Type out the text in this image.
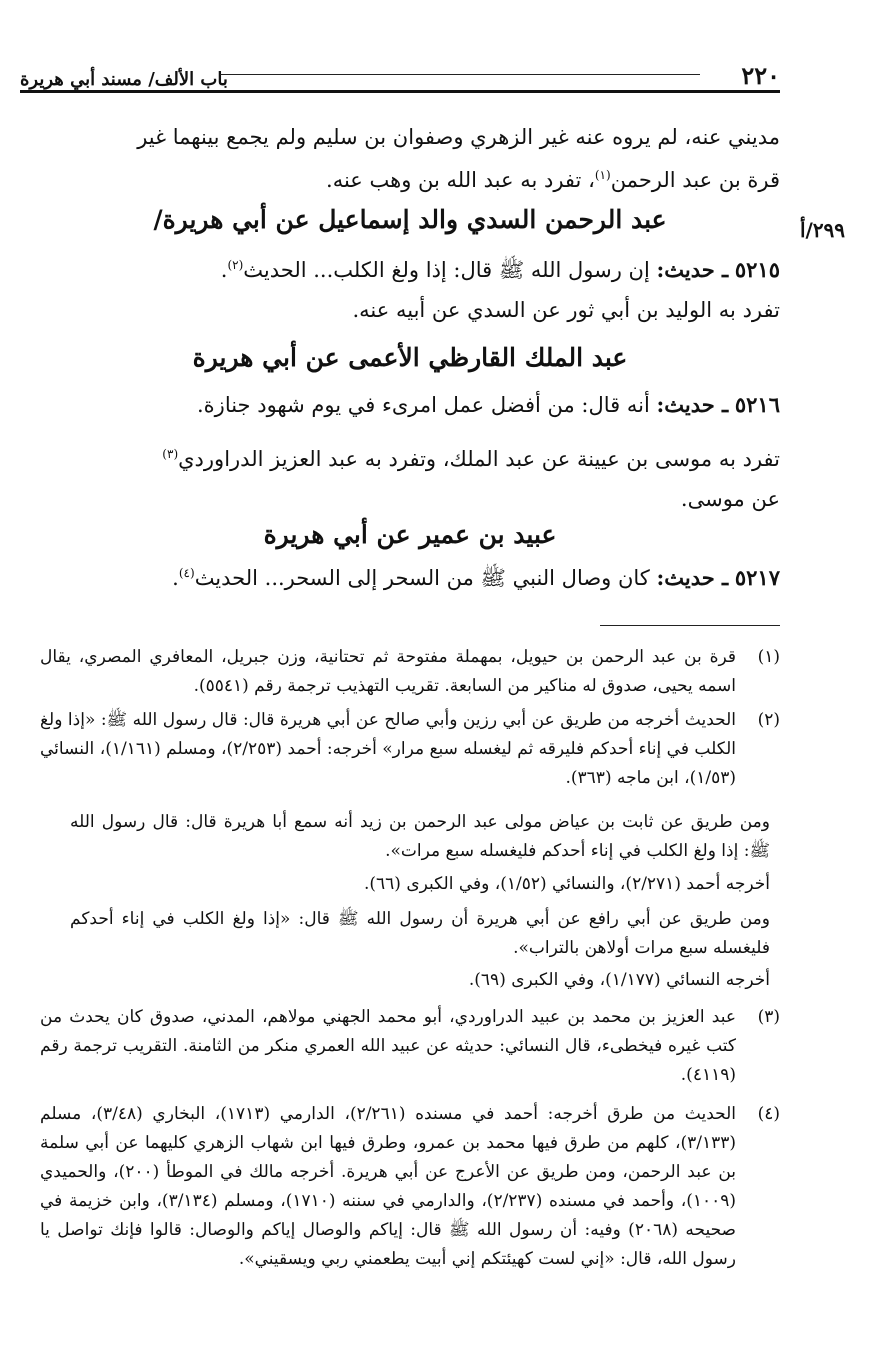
٢٢٠
باب الألف/ مسند أبي هريرة
مديني عنه، لم يروه عنه غير الزهري وصفوان بن سليم ولم يجمع بينهما غير
قرة بن عبد الرحمن$^{(١)}$، تفرد به عبد الله بن وهب عنه.
٢٩٩/أ
عبد الرحمن السدي والد إسماعيل عن أبي هريرة/
٥٢١٥ ـ حديث: إن رسول الله ﷺ قال: إذا ولغ الكلب... الحديث$^{(٢)}$.
تفرد به الوليد بن أبي ثور عن السدي عن أبيه عنه.
عبد الملك القارظي الأعمى عن أبي هريرة
٥٢١٦ ـ حديث: أنه قال: من أفضل عمل امرىء في يوم شهود جنازة.
تفرد به موسى بن عيينة عن عبد الملك، وتفرد به عبد العزيز الدراوردي$^{(٣)}$
عن موسى.
عبيد بن عمير عن أبي هريرة
٥٢١٧ ـ حديث: كان وصال النبي ﷺ من السحر إلى السحر... الحديث$^{(٤)}$.
(١)
قرة بن عبد الرحمن بن حيويل، بمهملة مفتوحة ثم تحتانية، وزن جبريل، المعافري المصري، يقال اسمه يحيى، صدوق له مناكير من السابعة. تقريب التهذيب ترجمة رقم (٥٥٤١).
(٢)
الحديث أخرجه من طريق عن أبي رزين وأبي صالح عن أبي هريرة قال: قال رسول الله ﷺ: «إذا ولغ الكلب في إناء أحدكم فليرقه ثم ليغسله سبع مرار» أخرجه: أحمد (٢/٢٥٣)، ومسلم (١/١٦١)، النسائي (١/٥٣)، ابن ماجه (٣٦٣).
ومن طريق عن ثابت بن عياض مولى عبد الرحمن بن زيد أنه سمع أبا هريرة قال: قال رسول الله ﷺ: إذا ولغ الكلب في إناء أحدكم فليغسله سبع مرات».
أخرجه أحمد (٢/٢٧١)، والنسائي (١/٥٢)، وفي الكبرى (٦٦).
ومن طريق عن أبي رافع عن أبي هريرة أن رسول الله ﷺ قال: «إذا ولغ الكلب في إناء أحدكم فليغسله سبع مرات أولاهن بالتراب».
أخرجه النسائي (١/١٧٧)، وفي الكبرى (٦٩).
(٣)
عبد العزيز بن محمد بن عبيد الدراوردي، أبو محمد الجهني مولاهم، المدني، صدوق كان يحدث من كتب غيره فيخطىء، قال النسائي: حديثه عن عبيد الله العمري منكر من الثامنة. التقريب ترجمة رقم (٤١١٩).
(٤)
الحديث من طرق أخرجه: أحمد في مسنده (٢/٢٦١)، الدارمي (١٧١٣)، البخاري (٣/٤٨)، مسلم (٣/١٣٣)، كلهم من طرق فيها محمد بن عمرو، وطرق فيها ابن شهاب الزهري كليهما عن أبي سلمة بن عبد الرحمن، ومن طريق عن الأعرج عن أبي هريرة. أخرجه مالك في الموطأ (٢٠٠)، والحميدي (١٠٠٩)، وأحمد في مسنده (٢/٢٣٧)، والدارمي في سننه (١٧١٠)، ومسلم (٣/١٣٤)، وابن خزيمة في صحيحه (٢٠٦٨) وفيه: أن رسول الله ﷺ قال: إياكم والوصال إياكم والوصال: قالوا فإنك تواصل يا رسول الله، قال: «إني لست كهيئتكم إني أبيت يطعمني ربي ويسقيني».
